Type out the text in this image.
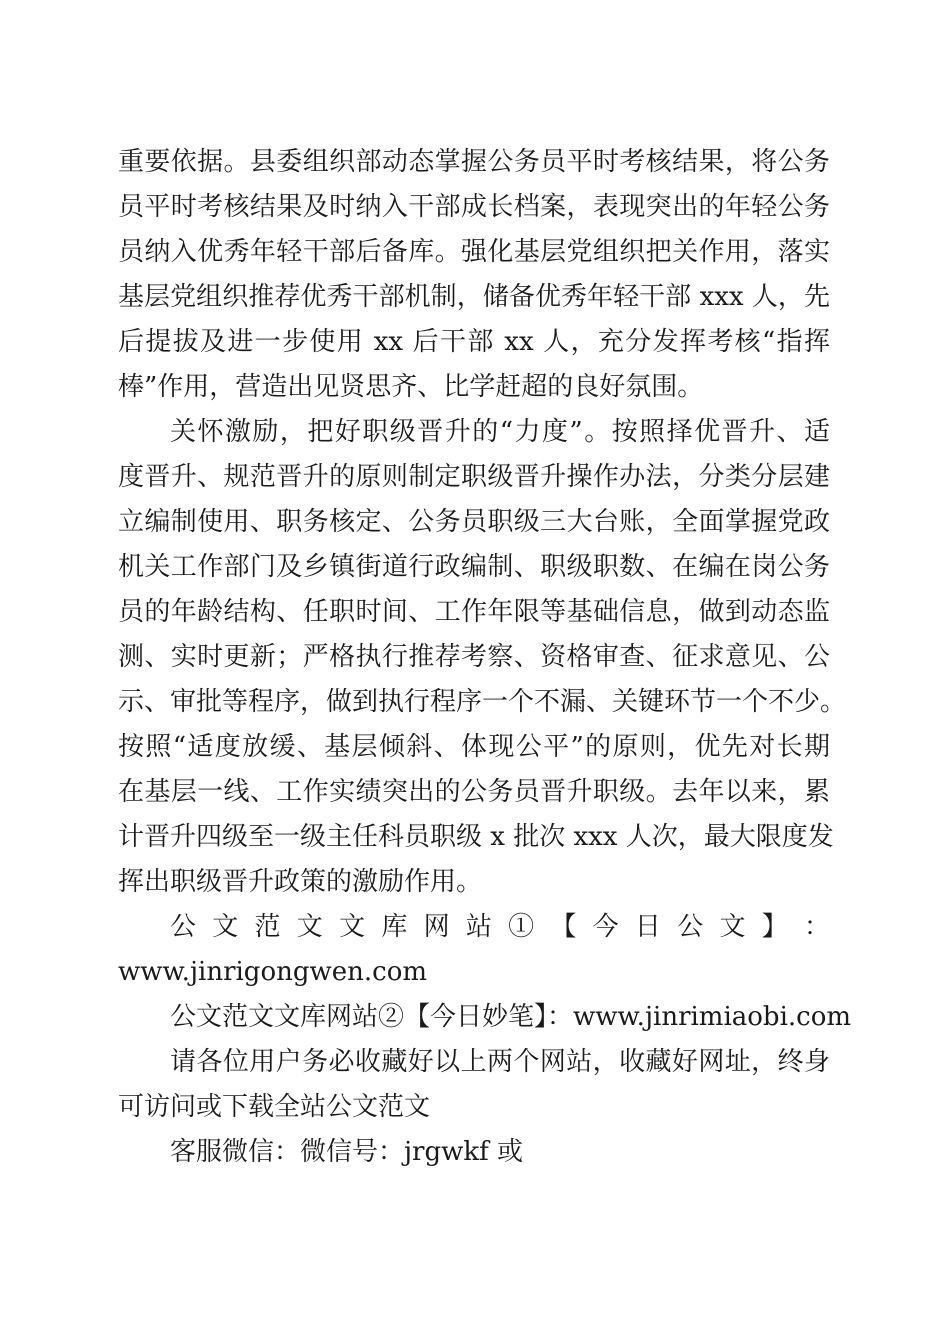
重要依据。县委组织部动态掌握公务员平时考核结果，将公务
员平时考核结果及时纳入干部成长档案，表现突出的年轻公务
员纳入优秀年轻干部后备库。强化基层党组织把关作用，落实
基层党组织推荐优秀干部机制，储备优秀年轻干部 xxx 人，先
后提拔及进一步使用 xx 后干部 xx 人，充分发挥考核“指挥
棒”作用，营造出见贤思齐、比学赶超的良好氛围。
关怀激励，把好职级晋升的“力度”。按照择优晋升、适
度晋升、规范晋升的原则制定职级晋升操作办法，分类分层建
立编制使用、职务核定、公务员职级三大台账，全面掌握党政
机关工作部门及乡镇街道行政编制、职级职数、在编在岗公务
员的年龄结构、任职时间、工作年限等基础信息，做到动态监
测、实时更新；严格执行推荐考察、资格审查、征求意见、公
示、审批等程序，做到执行程序一个不漏、关键环节一个不少。
按照“适度放缓、基层倾斜、体现公平”的原则，优先对长期
在基层一线、工作实绩突出的公务员晋升职级。去年以来，累
计晋升四级至一级主任科员职级 x 批次 xxx 人次，最大限度发
挥出职级晋升政策的激励作用。
公 文 范 文 文 库 网 站 ① 【 今 日 公 文 】 ：
www.jinrigongwen.com
公文范文文库网站②【今日妙笔】：www.jinrimiaobi.com
请各位用户务必收藏好以上两个网站，收藏好网址，终身
可访问或下载全站公文范文
客服微信：微信号：jrgwkf 或
